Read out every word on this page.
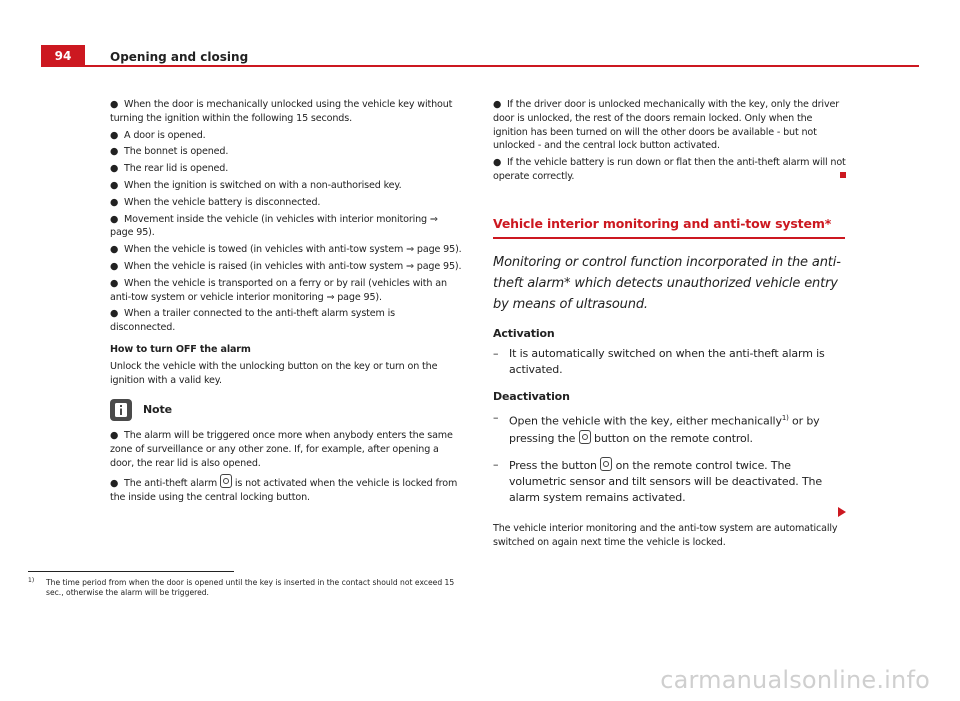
94	Opening and closing

● When the door is mechanically unlocked using the vehicle key without turning the ignition within the following 15 seconds.

● A door is opened.

● The bonnet is opened.

● The rear lid is opened.

● When the ignition is switched on with a non-authorised key.

● When the vehicle battery is disconnected.

● Movement inside the vehicle (in vehicles with interior monitoring ⇒ page 95).

● When the vehicle is towed (in vehicles with anti-tow system ⇒ page 95).

● When the vehicle is raised (in vehicles with anti-tow system ⇒ page 95).

● When the vehicle is transported on a ferry or by rail (vehicles with an anti-tow system or vehicle interior monitoring ⇒ page 95).

● When a trailer connected to the anti-theft alarm system is disconnected.

How to turn OFF the alarm

Unlock the vehicle with the unlocking button on the key or turn on the ignition with a valid key.

Note

● The alarm will be triggered once more when anybody enters the same zone of surveillance or any other zone. If, for example, after opening a door, the rear lid is also opened.

● The anti-theft alarm is not activated when the vehicle is locked from the inside using the central locking button.

● If the driver door is unlocked mechanically with the key, only the driver door is unlocked, the rest of the doors remain locked. Only when the ignition has been turned on will the other doors be available - but not unlocked - and the central lock button activated.

● If the vehicle battery is run down or flat then the anti-theft alarm will not operate correctly.

Vehicle interior monitoring and anti-tow system*

Monitoring or control function incorporated in the anti-theft alarm* which detects unauthorized vehicle entry by means of ultrasound.

Activation

– It is automatically switched on when the anti-theft alarm is activated.

Deactivation

– Open the vehicle with the key, either mechanically$^{1)}$ or by pressing the button on the remote control.

– Press the button on the remote control twice. The volumetric sensor and tilt sensors will be deactivated. The alarm system remains activated.

The vehicle interior monitoring and the anti-tow system are automatically switched on again next time the vehicle is locked.

1)	The time period from when the door is opened until the key is inserted in the contact should not exceed 15 sec., otherwise the alarm will be triggered.
carmanualsonline.info
